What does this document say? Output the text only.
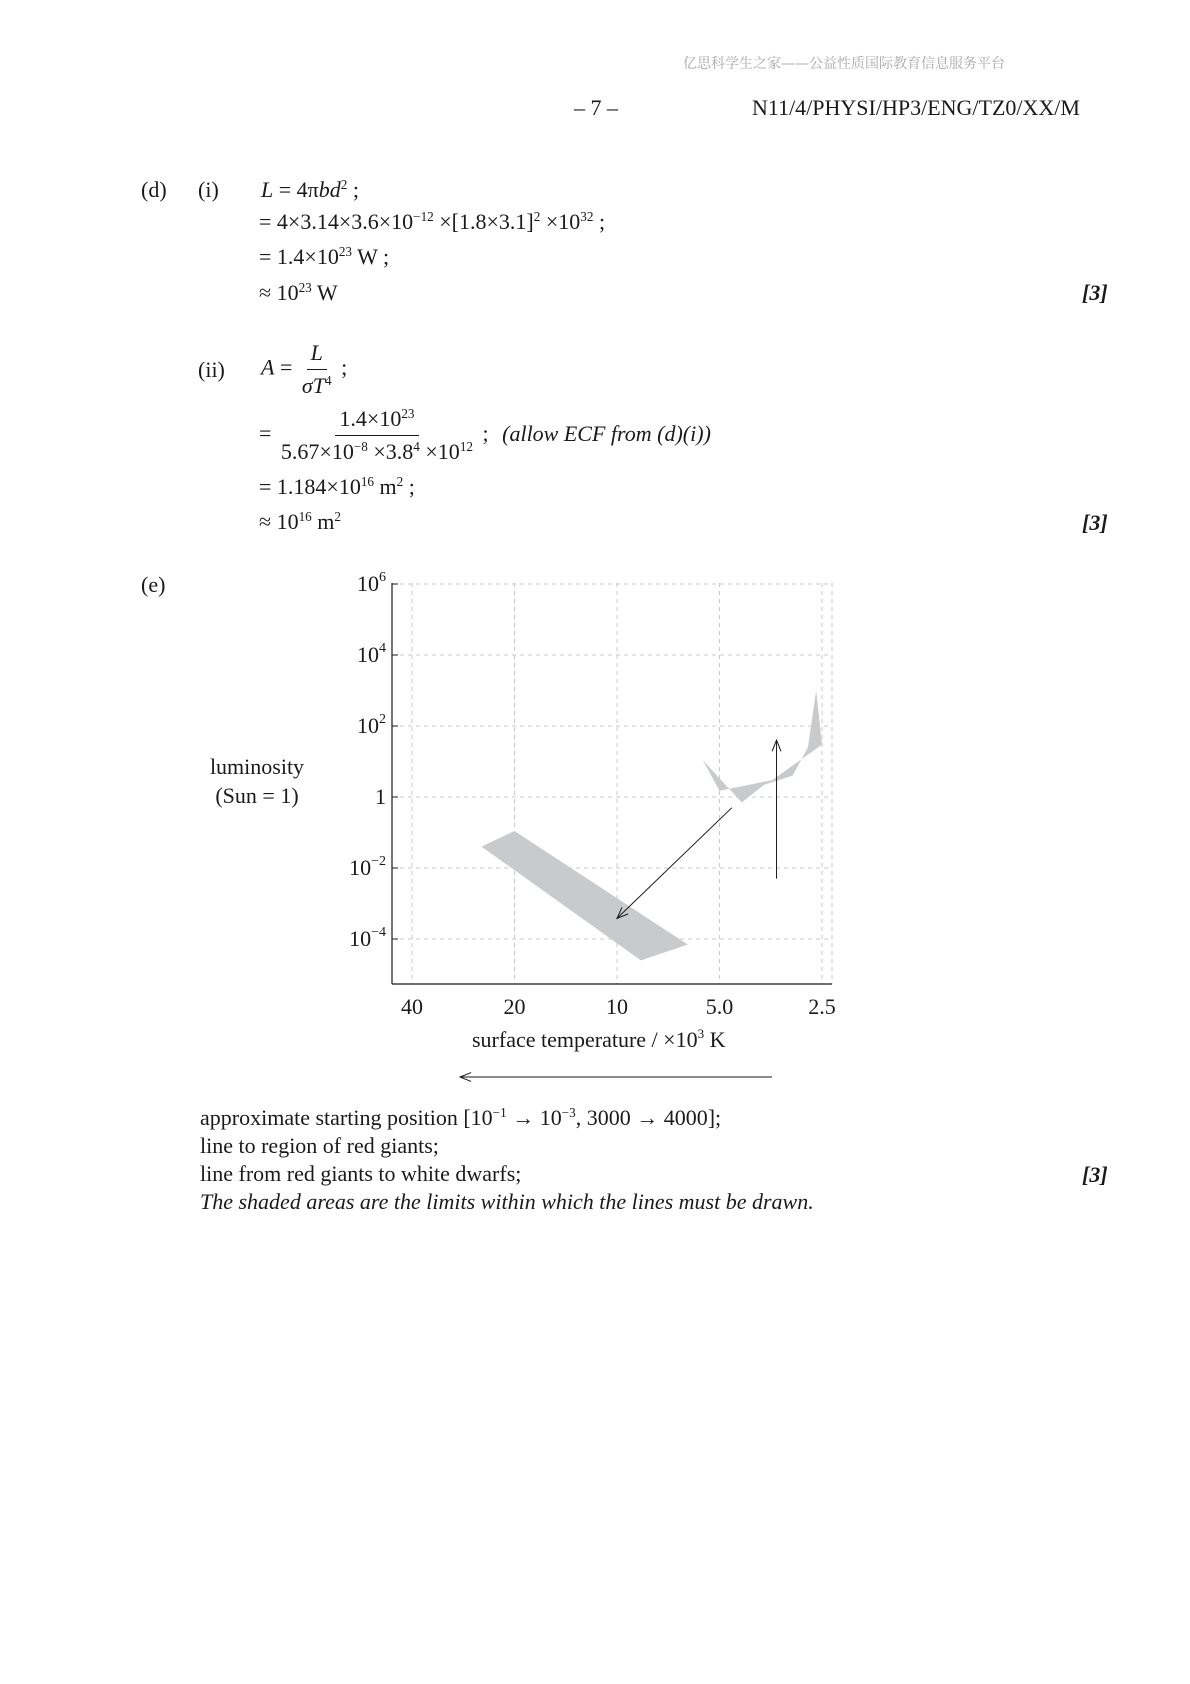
亿思科学生之家——公益性质国际教育信息服务平台
– 7 –	N11/4/PHYSI/HP3/ENG/TZ0/XX/M
(d) (i) L = 4πbd$^2$ ;
= $4\times 3.14\times 3.6\times 10^{-12} \times[1.8\times 3.1]^2 \times 10^{32}$ ;
= $1.4\times 10^{23}$ W ;
≈ $10^{23}$ W	[3]
(ii) $A = \frac{L}{\sigma T^4}$ ;
= $\frac{1.4\times 10^{23}}{5.67\times 10^{-8} \times 3.8^4 \times 10^{12}}$ ; (allow ECF from (d)(i))
= $1.184\times 10^{16}$ $m^2$ ;
≈ $10^{16}$ $m^2$	[3]
(e)
luminosity
(Sun = 1)
$10^6$
$10^4$
$10^2$
1
$10^{-2}$
$10^{-4}$
40	20	10	5.0	2.5
surface temperature / $\times 10^3$ K
approximate starting position [$10^{-1} \to 10^{-3}$, 3000 → 4000];
line to region of red giants;
line from red giants to white dwarfs;
The shaded areas are the limits within which the lines must be drawn.
[3]
